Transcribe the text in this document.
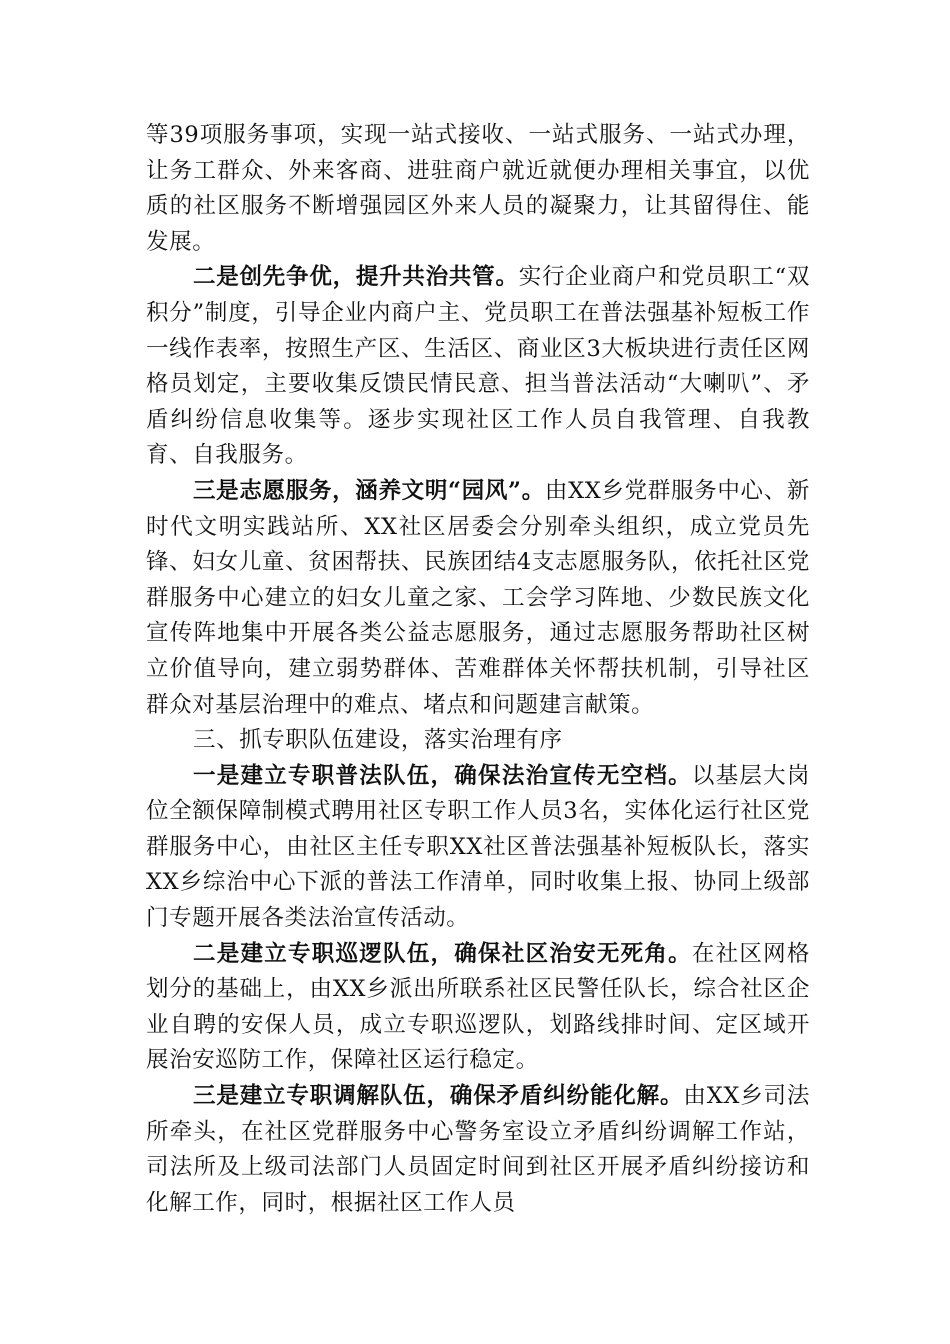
等39项服务事项，实现一站式接收、一站式服务、一站式办理，让务工群众、外来客商、进驻商户就近就便办理相关事宜，以优质的社区服务不断增强园区外来人员的凝聚力，让其留得住、能发展。

二是创先争优，提升共治共管。实行企业商户和党员职工“双积分”制度，引导企业内商户主、党员职工在普法强基补短板工作一线作表率，按照生产区、生活区、商业区3大板块进行责任区网格员划定，主要收集反馈民情民意、担当普法活动“大喇叭”、矛盾纠纷信息收集等。逐步实现社区工作人员自我管理、自我教育、自我服务。

三是志愿服务，涵养文明“园风”。由XX乡党群服务中心、新时代文明实践站所、XX社区居委会分别牵头组织，成立党员先锋、妇女儿童、贫困帮扶、民族团结4支志愿服务队，依托社区党群服务中心建立的妇女儿童之家、工会学习阵地、少数民族文化宣传阵地集中开展各类公益志愿服务，通过志愿服务帮助社区树立价值导向，建立弱势群体、苦难群体关怀帮扶机制，引导社区群众对基层治理中的难点、堵点和问题建言献策。

三、抓专职队伍建设，落实治理有序

一是建立专职普法队伍，确保法治宣传无空档。以基层大岗位全额保障制模式聘用社区专职工作人员3名，实体化运行社区党群服务中心，由社区主任专职XX社区普法强基补短板队长，落实XX乡综治中心下派的普法工作清单，同时收集上报、协同上级部门专题开展各类法治宣传活动。

二是建立专职巡逻队伍，确保社区治安无死角。在社区网格划分的基础上，由XX乡派出所联系社区民警任队长，综合社区企业自聘的安保人员，成立专职巡逻队，划路线排时间、定区域开展治安巡防工作，保障社区运行稳定。

三是建立专职调解队伍，确保矛盾纠纷能化解。由XX乡司法所牵头，在社区党群服务中心警务室设立矛盾纠纷调解工作站，司法所及上级司法部门人员固定时间到社区开展矛盾纠纷接访和化解工作，同时，根据社区工作人员
